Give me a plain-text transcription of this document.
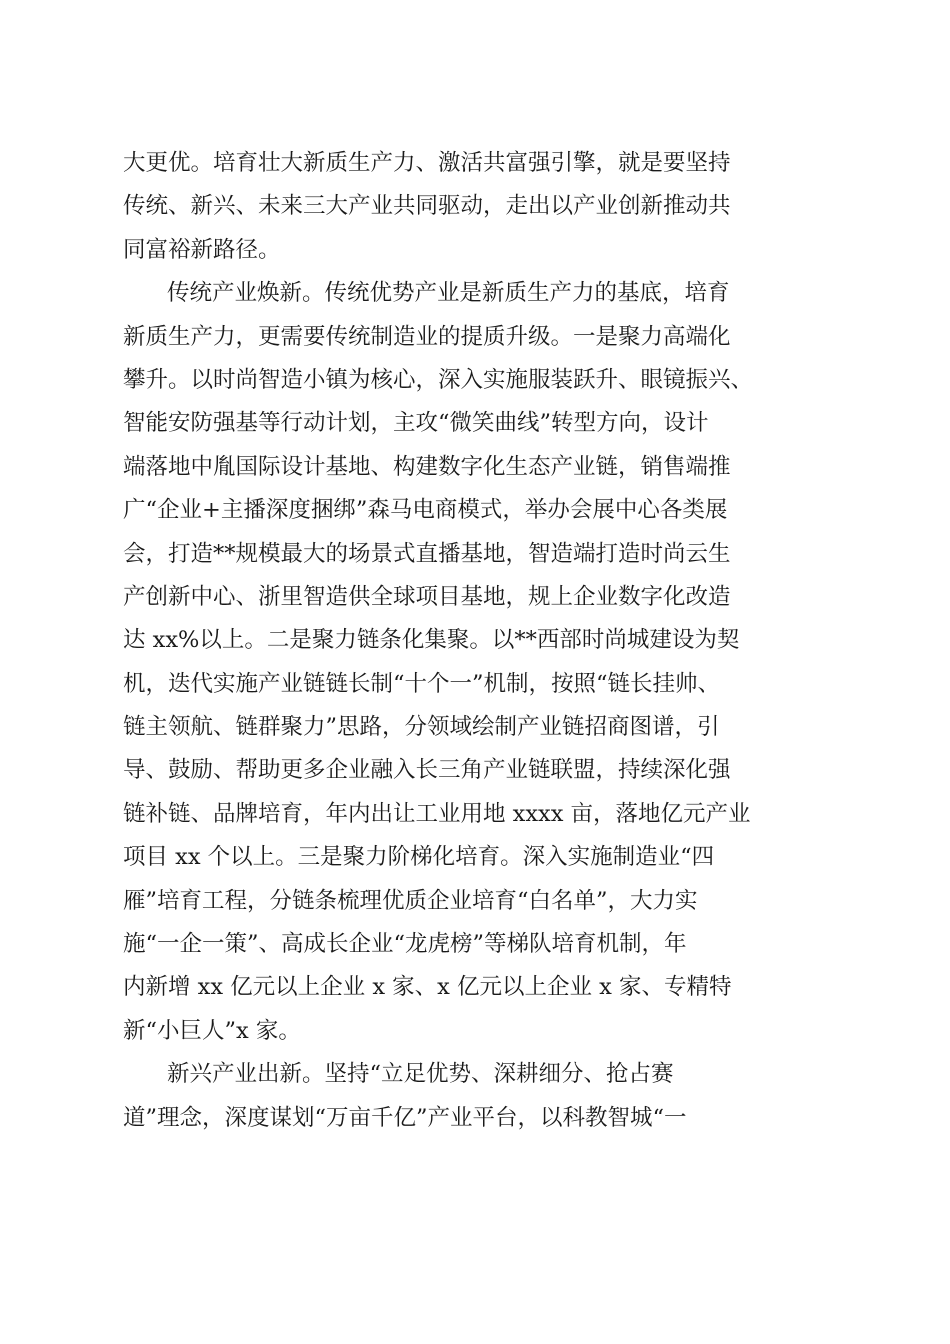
大更优。培育壮大新质生产力、激活共富强引擎，就是要坚持
传统、新兴、未来三大产业共同驱动，走出以产业创新推动共
同富裕新路径。
传统产业焕新。传统优势产业是新质生产力的基底，培育
新质生产力，更需要传统制造业的提质升级。一是聚力高端化
攀升。以时尚智造小镇为核心，深入实施服装跃升、眼镜振兴、
智能安防强基等行动计划，主攻“微笑曲线”转型方向，设计
端落地中胤国际设计基地、构建数字化生态产业链，销售端推
广“企业+主播深度捆绑”森马电商模式，举办会展中心各类展
会，打造**规模最大的场景式直播基地，智造端打造时尚云生
产创新中心、浙里智造供全球项目基地，规上企业数字化改造
达 xx%以上。二是聚力链条化集聚。以**西部时尚城建设为契
机，迭代实施产业链链长制“十个一”机制，按照“链长挂帅、
链主领航、链群聚力”思路，分领域绘制产业链招商图谱，引
导、鼓励、帮助更多企业融入长三角产业链联盟，持续深化强
链补链、品牌培育，年内出让工业用地 xxxx 亩，落地亿元产业
项目 xx 个以上。三是聚力阶梯化培育。深入实施制造业“四
雁”培育工程，分链条梳理优质企业培育“白名单”，大力实
施“一企一策”、高成长企业“龙虎榜”等梯队培育机制，年
内新增 xx 亿元以上企业 x 家、x 亿元以上企业 x 家、专精特
新“小巨人”x 家。
新兴产业出新。坚持“立足优势、深耕细分、抢占赛
道”理念，深度谋划“万亩千亿”产业平台，以科教智城“一
